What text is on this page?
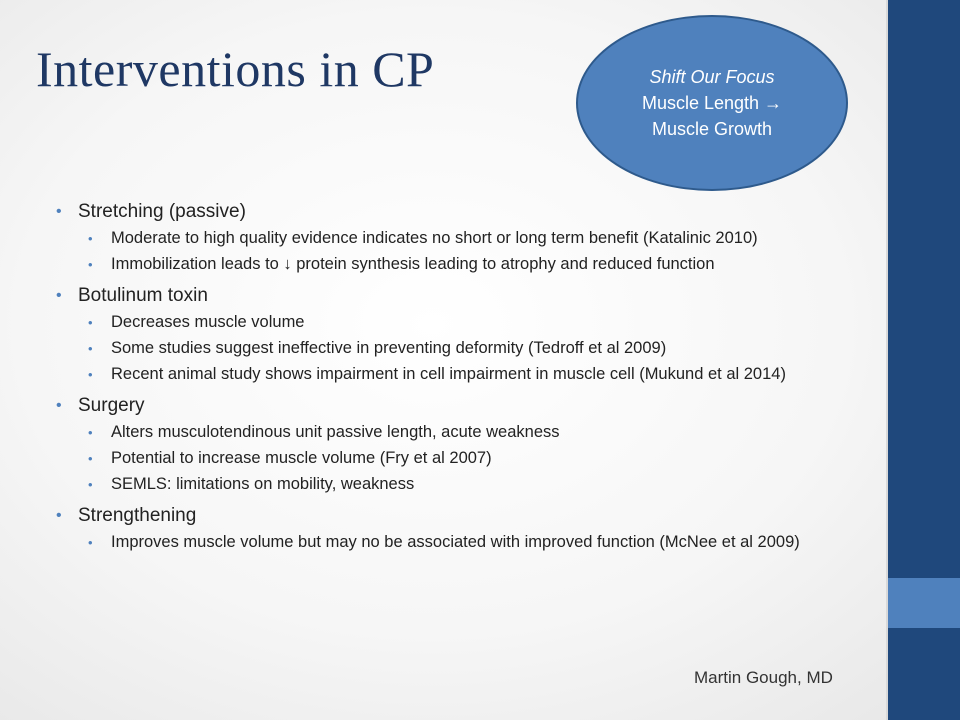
Interventions in CP	Shift Our Focus
Muscle Length →
Muscle Growth
• Stretching (passive)
• Moderate to high quality evidence indicates no short or long term benefit (Katalinic 2010)
• Immobilization leads to ↓ protein synthesis leading to atrophy and reduced function
• Botulinum toxin
• Decreases muscle volume
• Some studies suggest ineffective in preventing deformity (Tedroff et al 2009)
• Recent animal study shows impairment in cell impairment in muscle cell (Mukund et al 2014)
• Surgery
• Alters musculotendinous unit passive length, acute weakness
• Potential to increase muscle volume (Fry et al 2007)
• SEMLS: limitations on mobility, weakness
• Strengthening
• Improves muscle volume but may no be associated with improved function (McNee et al 2009)
Martin Gough, MD
